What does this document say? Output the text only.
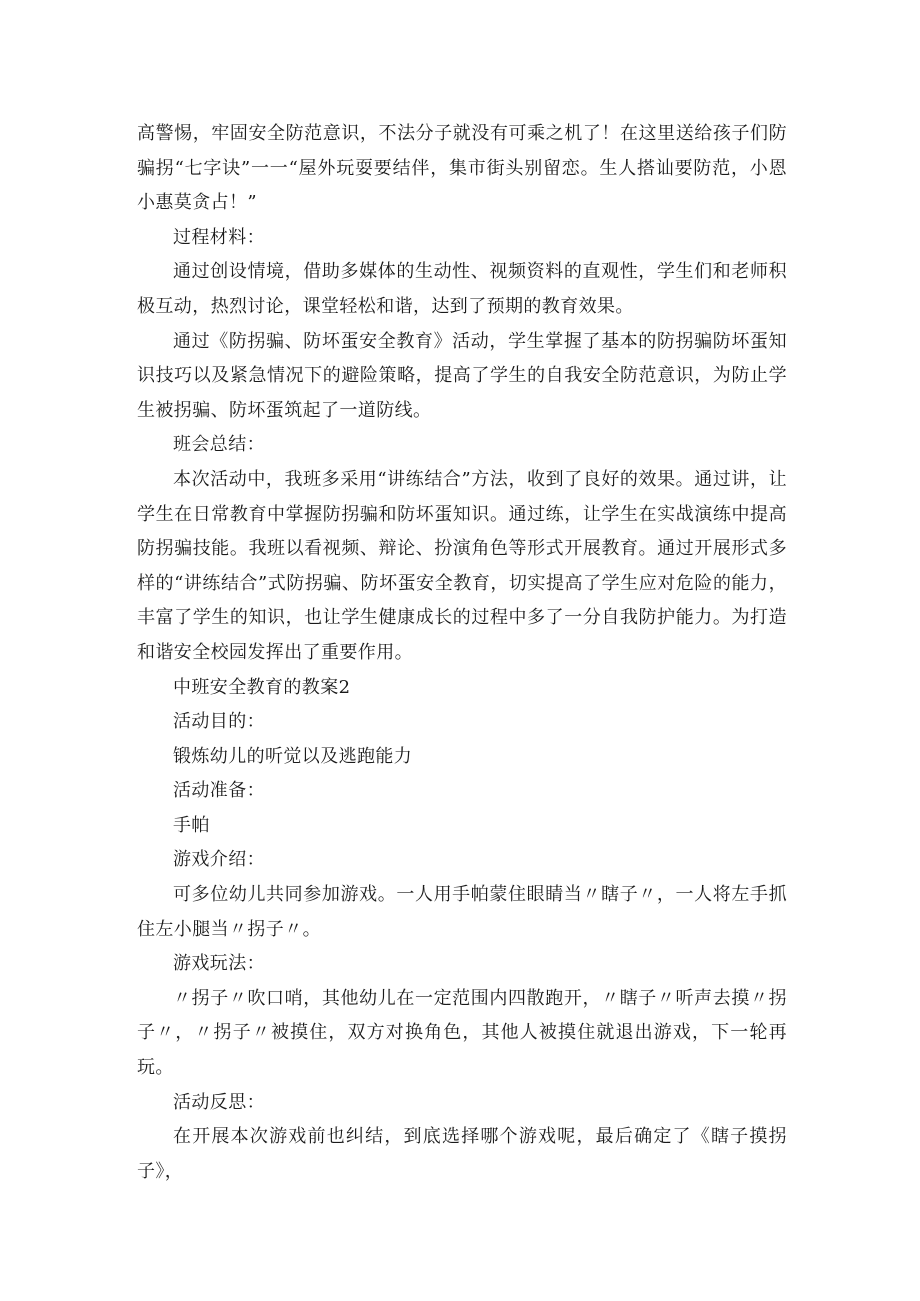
高警惕，牢固安全防范意识，不法分子就没有可乘之机了！在这里送给孩子们防骗拐“七字诀”一一“屋外玩耍要结伴，集市街头别留恋。生人搭讪要防范，小恩小惠莫贪占！”

过程材料：

通过创设情境，借助多媒体的生动性、视频资料的直观性，学生们和老师积极互动，热烈讨论，课堂轻松和谐，达到了预期的教育效果。

通过《防拐骗、防坏蛋安全教育》活动，学生掌握了基本的防拐骗防坏蛋知识技巧以及紧急情况下的避险策略，提高了学生的自我安全防范意识，为防止学生被拐骗、防坏蛋筑起了一道防线。

班会总结：

本次活动中，我班多采用“讲练结合”方法，收到了良好的效果。通过讲，让学生在日常教育中掌握防拐骗和防坏蛋知识。通过练，让学生在实战演练中提高防拐骗技能。我班以看视频、辩论、扮演角色等形式开展教育。通过开展形式多样的“讲练结合”式防拐骗、防坏蛋安全教育，切实提高了学生应对危险的能力，丰富了学生的知识，也让学生健康成长的过程中多了一分自我防护能力。为打造和谐安全校园发挥出了重要作用。

中班安全教育的教案2

活动目的：

锻炼幼儿的听觉以及逃跑能力

活动准备：

手帕

游戏介绍：

可多位幼儿共同参加游戏。一人用手帕蒙住眼睛当〃瞎子〃，一人将左手抓住左小腿当〃拐子〃。

游戏玩法：

〃拐子〃吹口哨，其他幼儿在一定范围内四散跑开，〃瞎子〃听声去摸〃拐子〃，〃拐子〃被摸住，双方对换角色，其他人被摸住就退出游戏，下一轮再玩。

活动反思：

在开展本次游戏前也纠结，到底选择哪个游戏呢，最后确定了《瞎子摸拐子》，
